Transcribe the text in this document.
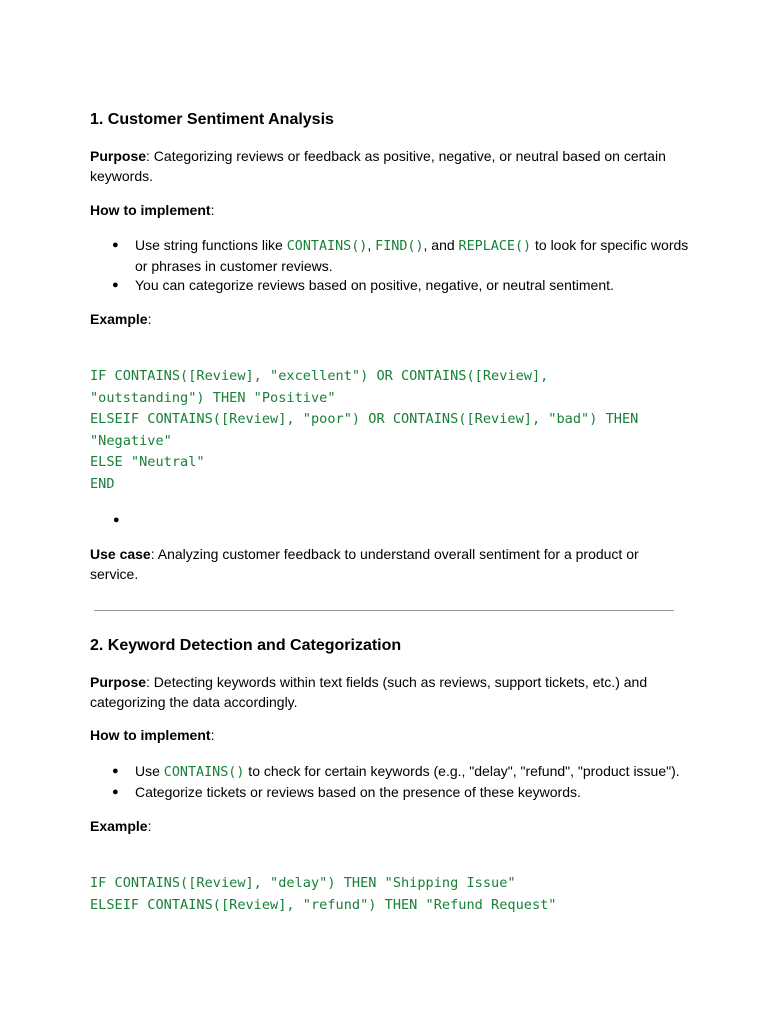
1. Customer Sentiment Analysis

Purpose: Categorizing reviews or feedback as positive, negative, or neutral based on certain keywords.

How to implement:

● Use string functions like CONTAINS(), FIND(), and REPLACE() to look for specific words or phrases in customer reviews.
● You can categorize reviews based on positive, negative, or neutral sentiment.

Example:

IF CONTAINS([Review], "excellent") OR CONTAINS([Review],
"outstanding") THEN "Positive"
ELSEIF CONTAINS([Review], "poor") OR CONTAINS([Review], "bad") THEN
"Negative"
ELSE "Neutral"
END
●

Use case: Analyzing customer feedback to understand overall sentiment for a product or service.

2. Keyword Detection and Categorization

Purpose: Detecting keywords within text fields (such as reviews, support tickets, etc.) and categorizing the data accordingly.

How to implement:

● Use CONTAINS() to check for certain keywords (e.g., "delay", "refund", "product issue").
● Categorize tickets or reviews based on the presence of these keywords.

Example:

IF CONTAINS([Review], "delay") THEN "Shipping Issue"
ELSEIF CONTAINS([Review], "refund") THEN "Refund Request"
